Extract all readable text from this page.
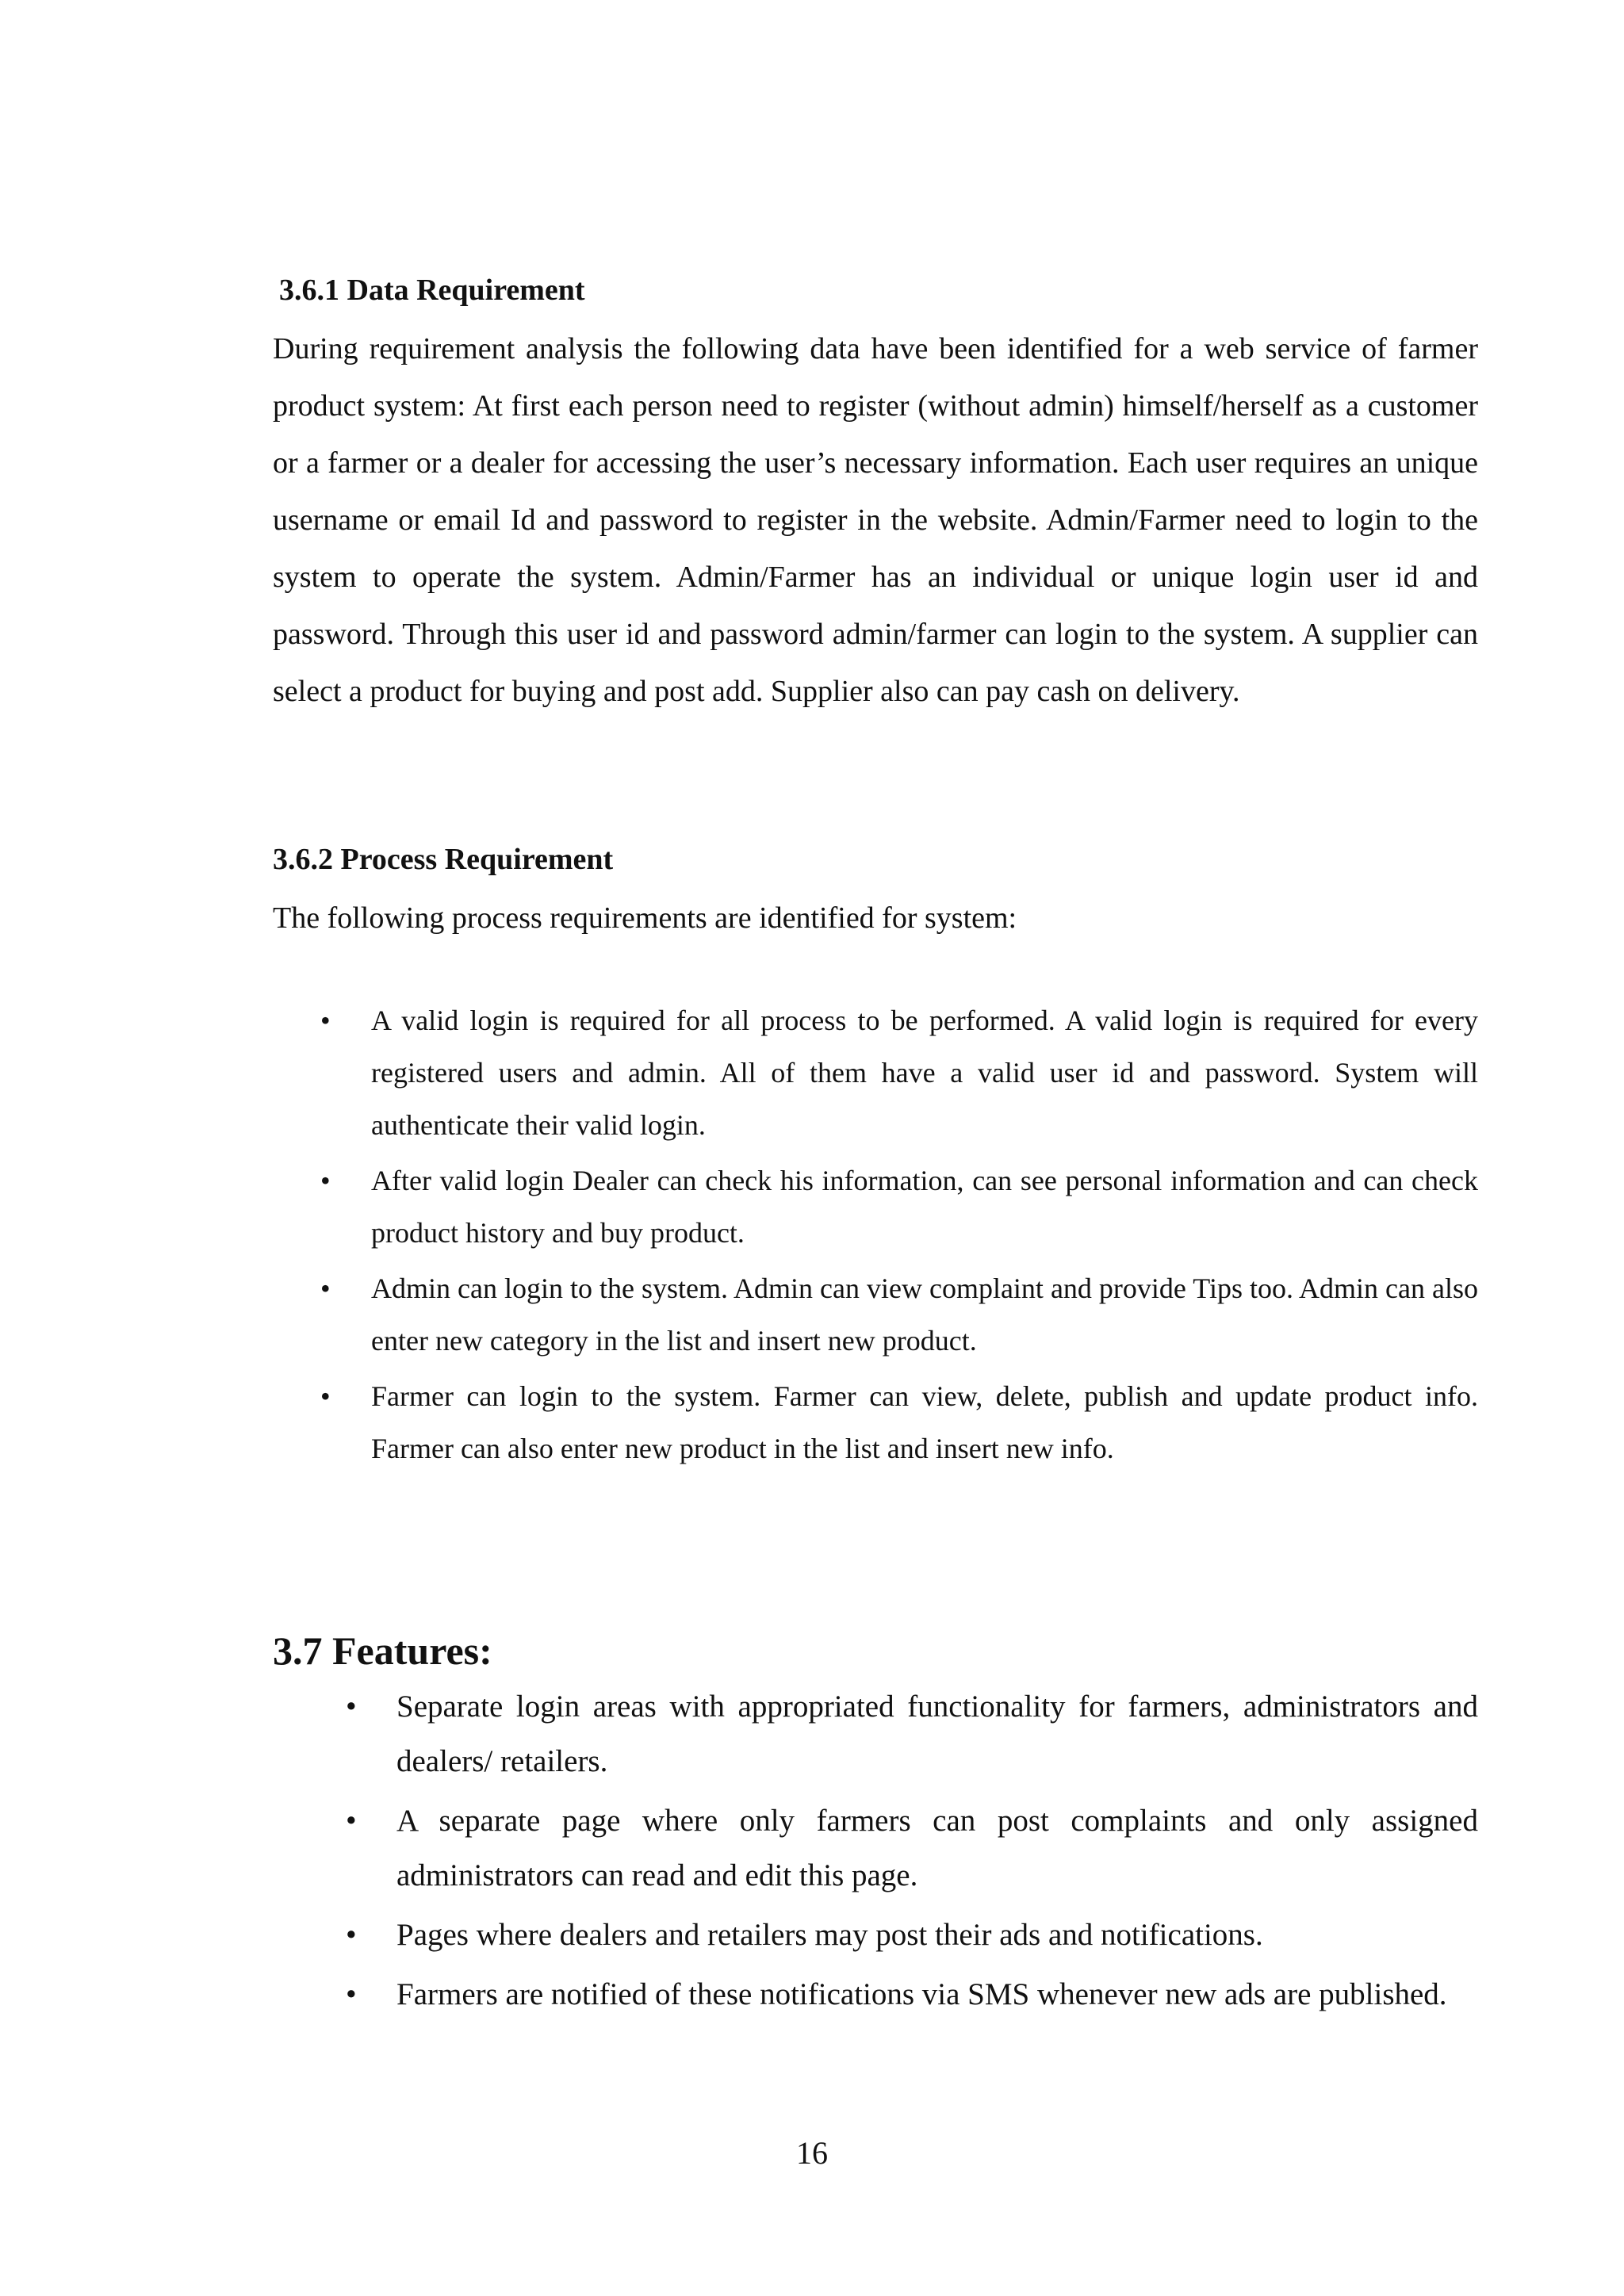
3.6.1 Data Requirement

During requirement analysis the following data have been identified for a web service of farmer product system: At first each person need to register (without admin) himself/herself as a customer or a farmer or a dealer for accessing the user’s necessary information. Each user requires an unique username or email Id and password to register in the website. Admin/Farmer need to login to the system to operate the system. Admin/Farmer has an individual or unique login user id and password. Through this user id and password admin/farmer can login to the system. A supplier can select a product for buying and post add. Supplier also can pay cash on delivery.

3.6.2 Process Requirement

The following process requirements are identified for system:

• A valid login is required for all process to be performed. A valid login is required for every registered users and admin. All of them have a valid user id and password. System will authenticate their valid login.
• After valid login Dealer can check his information, can see personal information and can check product history and buy product.
• Admin can login to the system. Admin can view complaint and provide Tips too. Admin can also enter new category in the list and insert new product.
• Farmer can login to the system. Farmer can view, delete, publish and update product info. Farmer can also enter new product in the list and insert new info.
3.7 Features:
• Separate login areas with appropriated functionality for farmers, administrators and dealers/ retailers.
• A separate page where only farmers can post complaints and only assigned administrators can read and edit this page.
• Pages where dealers and retailers may post their ads and notifications.
• Farmers are notified of these notifications via SMS whenever new ads are published.
16
